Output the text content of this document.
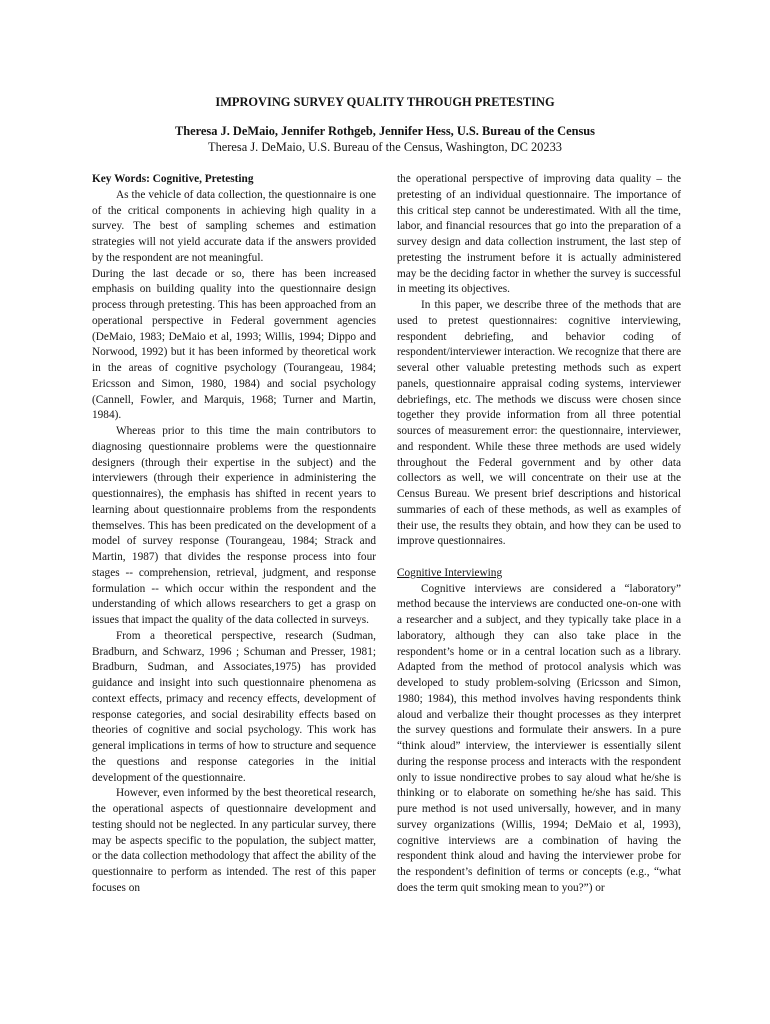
IMPROVING SURVEY QUALITY THROUGH PRETESTING

Theresa J. DeMaio, Jennifer Rothgeb, Jennifer Hess, U.S. Bureau of the Census

Theresa J. DeMaio, U.S. Bureau of the Census, Washington, DC 20233

Key Words: Cognitive, Pretesting

As the vehicle of data collection, the questionnaire is one of the critical components in achieving high quality in a survey. The best of sampling schemes and estimation strategies will not yield accurate data if the answers provided by the respondent are not meaningful.

During the last decade or so, there has been increased emphasis on building quality into the questionnaire design process through pretesting. This has been approached from an operational perspective in Federal government agencies (DeMaio, 1983; DeMaio et al, 1993; Willis, 1994; Dippo and Norwood, 1992) but it has been informed by theoretical work in the areas of cognitive psychology (Tourangeau, 1984; Ericsson and Simon, 1980, 1984) and social psychology (Cannell, Fowler, and Marquis, 1968; Turner and Martin, 1984).

Whereas prior to this time the main contributors to diagnosing questionnaire problems were the questionnaire designers (through their expertise in the subject) and the interviewers (through their experience in administering the questionnaires), the emphasis has shifted in recent years to learning about questionnaire problems from the respondents themselves. This has been predicated on the development of a model of survey response (Tourangeau, 1984; Strack and Martin, 1987) that divides the response process into four stages -- comprehension, retrieval, judgment, and response formulation -- which occur within the respondent and the understanding of which allows researchers to get a grasp on issues that impact the quality of the data collected in surveys.

From a theoretical perspective, research (Sudman, Bradburn, and Schwarz, 1996 ; Schuman and Presser, 1981; Bradburn, Sudman, and Associates,1975) has provided guidance and insight into such questionnaire phenomena as context effects, primacy and recency effects, development of response categories, and social desirability effects based on theories of cognitive and social psychology. This work has general implications in terms of how to structure and sequence the questions and response categories in the initial development of the questionnaire.

However, even informed by the best theoretical research, the operational aspects of questionnaire development and testing should not be neglected. In any particular survey, there may be aspects specific to the population, the subject matter, or the data collection methodology that affect the ability of the questionnaire to perform as intended. The rest of this paper focuses on

the operational perspective of improving data quality – the pretesting of an individual questionnaire. The importance of this critical step cannot be underestimated. With all the time, labor, and financial resources that go into the preparation of a survey design and data collection instrument, the last step of pretesting the instrument before it is actually administered may be the deciding factor in whether the survey is successful in meeting its objectives.

In this paper, we describe three of the methods that are used to pretest questionnaires: cognitive interviewing, respondent debriefing, and behavior coding of respondent/interviewer interaction. We recognize that there are several other valuable pretesting methods such as expert panels, questionnaire appraisal coding systems, interviewer debriefings, etc. The methods we discuss were chosen since together they provide information from all three potential sources of measurement error: the questionnaire, interviewer, and respondent. While these three methods are used widely throughout the Federal government and by other data collectors as well, we will concentrate on their use at the Census Bureau. We present brief descriptions and historical summaries of each of these methods, as well as examples of their use, the results they obtain, and how they can be used to improve questionnaires.

Cognitive Interviewing

Cognitive interviews are considered a “laboratory” method because the interviews are conducted one-on-one with a researcher and a subject, and they typically take place in a laboratory, although they can also take place in the respondent’s home or in a central location such as a library. Adapted from the method of protocol analysis which was developed to study problem-solving (Ericsson and Simon, 1980; 1984), this method involves having respondents think aloud and verbalize their thought processes as they interpret the survey questions and formulate their answers. In a pure “think aloud” interview, the interviewer is essentially silent during the response process and interacts with the respondent only to issue nondirective probes to say aloud what he/she is thinking or to elaborate on something he/she has said. This pure method is not used universally, however, and in many survey organizations (Willis, 1994; DeMaio et al, 1993), cognitive interviews are a combination of having the respondent think aloud and having the interviewer probe for the respondent’s definition of terms or concepts (e.g., “what does the term quit smoking mean to you?”) or
